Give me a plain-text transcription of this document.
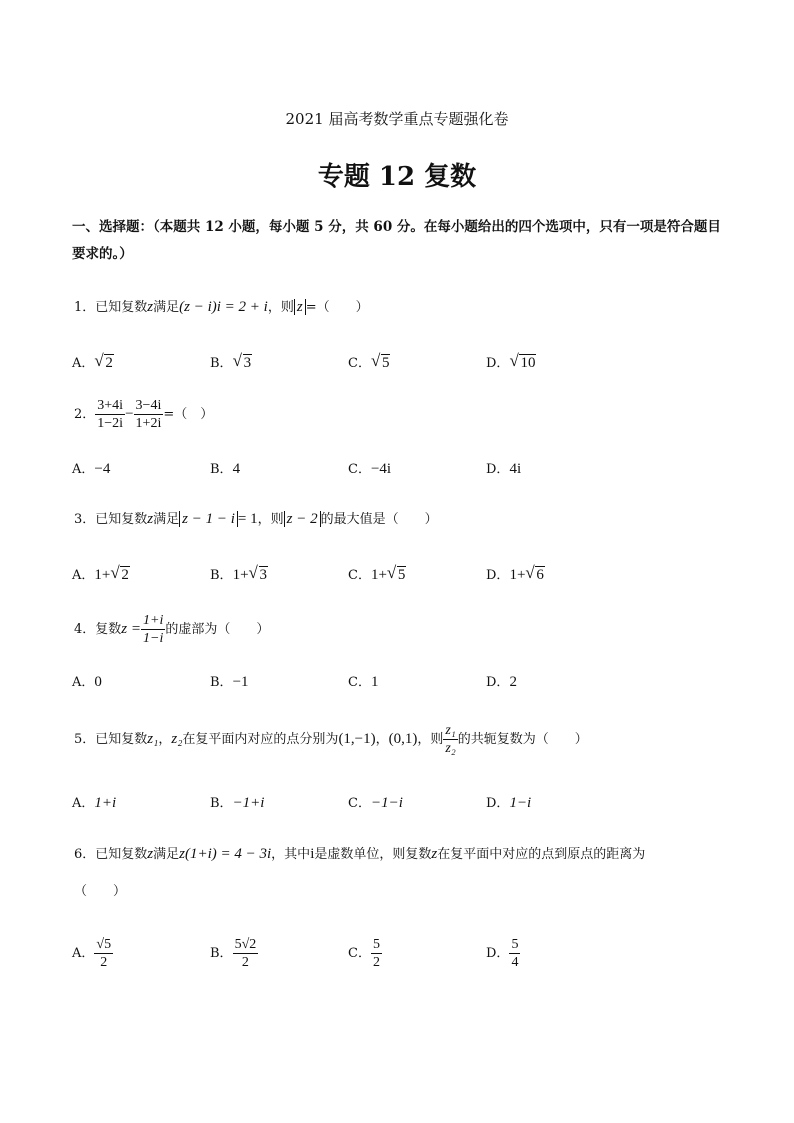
2021 届高考数学重点专题强化卷
专题 12 复数
一、选择题：（本题共 12 小题，每小题 5 分，共 60 分。在每小题给出的四个选项中，只有一项是符合题目要求的。）
1．已知复数z满足(z − i)i = 2 + i，则 z =（　　）
A． √ 2	B． √ 3	C． √ 5	D． √ 10
2． $\frac{3+4i}{1-2i} - \frac{3-4i}{1+2i}$ =（　）
A．−4	B．4	C．−4i	D．4i
3．已知复数z满足 z − 1 − i = 1，则 z − 2 的最大值是（　　）
A．1+ √ 2	B．1+ √ 3	C．1+ √ 5	D．1+ √ 6
4．复数$z = \frac{1+i}{1-i}$ 的虚部为（　　）
A．0	B．−1	C．1	D．2
5．已知复数z₁，z₂在复平面内对应的点分别为(1,−1)，(0,1)，则 $\frac{\text{z₁}}{\text{z₂}}$ 的共轭复数为（　　）
A．1+i	B．−1+i	C．−1−i	D．1−i
6．已知复数z满足z(1+i) = 4 − 3i，其中i是虚数单位，则复数z在复平面中对应的点到原点的距离为
（　　）
A． $\frac{√5}{2}$	B． $\frac{5√2}{2}$	C． $\frac{5}{2}$	D． $\frac{5}{4}$
